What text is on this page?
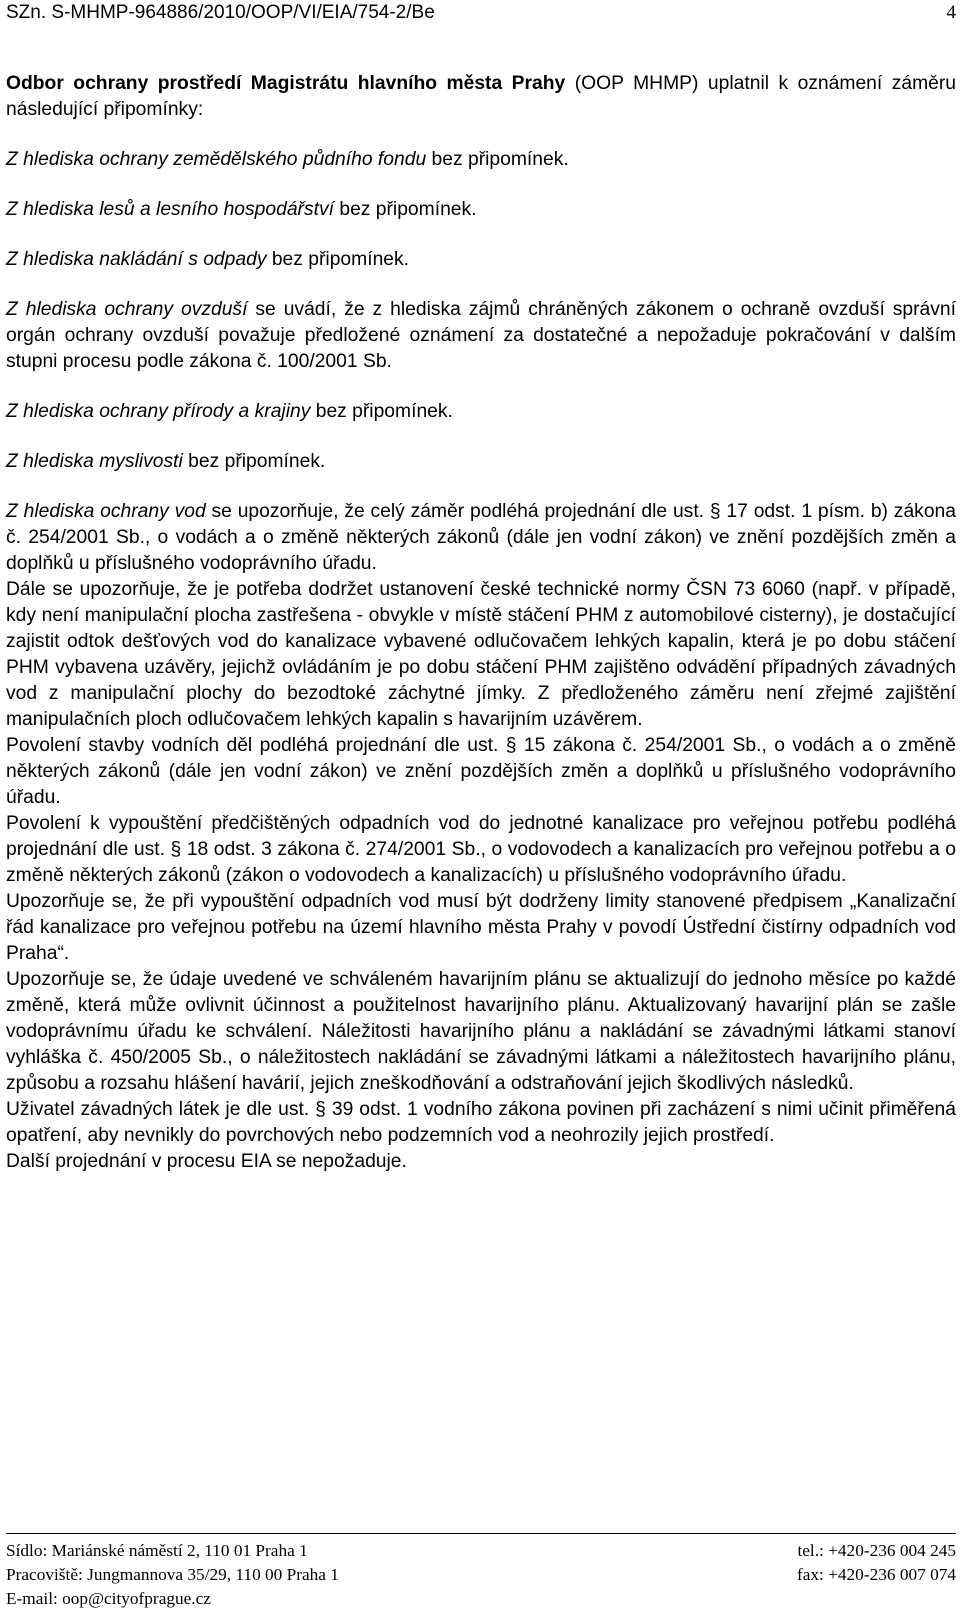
SZn. S-MHMP-964886/2010/OOP/VI/EIA/754-2/Be	4

Odbor ochrany prostředí Magistrátu hlavního města Prahy (OOP MHMP) uplatnil k oznámení záměru následující připomínky:

Z hlediska ochrany zemědělského půdního fondu bez připomínek.

Z hlediska lesů a lesního hospodářství bez připomínek.

Z hlediska nakládání s odpady bez připomínek.

Z hlediska ochrany ovzduší se uvádí, že z hlediska zájmů chráněných zákonem o ochraně ovzduší správní orgán ochrany ovzduší považuje předložené oznámení za dostatečné a nepožaduje pokračování v dalším stupni procesu podle zákona č. 100/2001 Sb.

Z hlediska ochrany přírody a krajiny bez připomínek.

Z hlediska myslivosti bez připomínek.

Z hlediska ochrany vod se upozorňuje, že celý záměr podléhá projednání dle ust. § 17 odst. 1 písm. b) zákona č. 254/2001 Sb., o vodách a o změně některých zákonů (dále jen vodní zákon) ve znění pozdějších změn a doplňků u příslušného vodoprávního úřadu.

Dále se upozorňuje, že je potřeba dodržet ustanovení české technické normy ČSN 73 6060 (např. v případě, kdy není manipulační plocha zastřešena - obvykle v místě stáčení PHM z automobilové cisterny), je dostačující zajistit odtok dešťových vod do kanalizace vybavené odlučovačem lehkých kapalin, která je po dobu stáčení PHM vybavena uzávěry, jejichž ovládáním je po dobu stáčení PHM zajištěno odvádění případných závadných vod z manipulační plochy do bezodtoké záchytné jímky. Z předloženého záměru není zřejmé zajištění manipulačních ploch odlučovačem lehkých kapalin s havarijním uzávěrem.

Povolení stavby vodních děl podléhá projednání dle ust. § 15 zákona č. 254/2001 Sb., o vodách a o změně některých zákonů (dále jen vodní zákon) ve znění pozdějších změn a doplňků u příslušného vodoprávního úřadu.

Povolení k vypouštění předčištěných odpadních vod do jednotné kanalizace pro veřejnou potřebu podléhá projednání dle ust. § 18 odst. 3 zákona č. 274/2001 Sb., o vodovodech a kanalizacích pro veřejnou potřebu a o změně některých zákonů (zákon o vodovodech a kanalizacích) u příslušného vodoprávního úřadu.

Upozorňuje se, že při vypouštění odpadních vod musí být dodrženy limity stanovené předpisem „Kanalizační řád kanalizace pro veřejnou potřebu na území hlavního města Prahy v povodí Ústřední čistírny odpadních vod Praha“.

Upozorňuje se, že údaje uvedené ve schváleném havarijním plánu se aktualizují do jednoho měsíce po každé změně, která může ovlivnit účinnost a použitelnost havarijního plánu. Aktualizovaný havarijní plán se zašle vodoprávnímu úřadu ke schválení. Náležitosti havarijního plánu a nakládání se závadnými látkami stanoví vyhláška č. 450/2005 Sb., o náležitostech nakládání se závadnými látkami a náležitostech havarijního plánu, způsobu a rozsahu hlášení havárií, jejich zneškodňování a odstraňování jejich škodlivých následků.

Uživatel závadných látek je dle ust. § 39 odst. 1 vodního zákona povinen při zacházení s nimi učinit přiměřená opatření, aby nevnikly do povrchových nebo podzemních vod a neohrozily jejich prostředí.

Další projednání v procesu EIA se nepožaduje.

Sídlo: Mariánské náměstí 2, 110 01 Praha 1
Pracoviště: Jungmannova 35/29, 110 00 Praha 1
E-mail: oop@cityofprague.cz
tel.: +420-236 004 245
fax: +420-236 007 074
